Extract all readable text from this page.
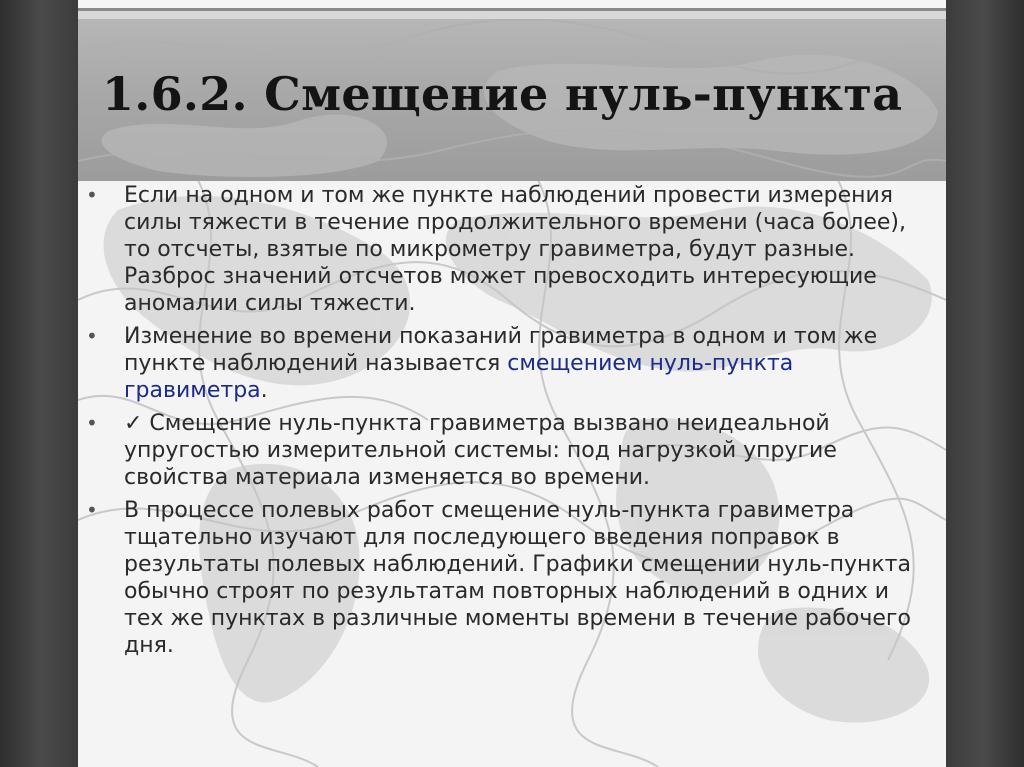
1.6.2. Смещение нуль-пункта
• Если на одном и том же пункте наблюдений провести измерения силы тяжести в течение продолжительного времени (часа более), то отсчеты, взятые по микрометру гравиметра, будут разные. Разброс значений отсчетов может превосходить интересующие аномалии силы тяжести.
• Изменение во времени показаний гравиметра в одном и том же пункте наблюдений называется смещением нуль-пункта гравиметра.
• ✓ Смещение нуль-пункта гравиметра вызвано неидеальной упругостью измерительной системы: под нагрузкой упругие свойства материала изменяется во времени.
• В процессе полевых работ смещение нуль-пункта гравиметра тщательно изучают для последующего введения поправок в результаты полевых наблюдений. Графики смещении нуль-пункта обычно строят по результатам повторных наблюдений в одних и тех же пунктах в различные моменты времени в течение рабочего дня.
